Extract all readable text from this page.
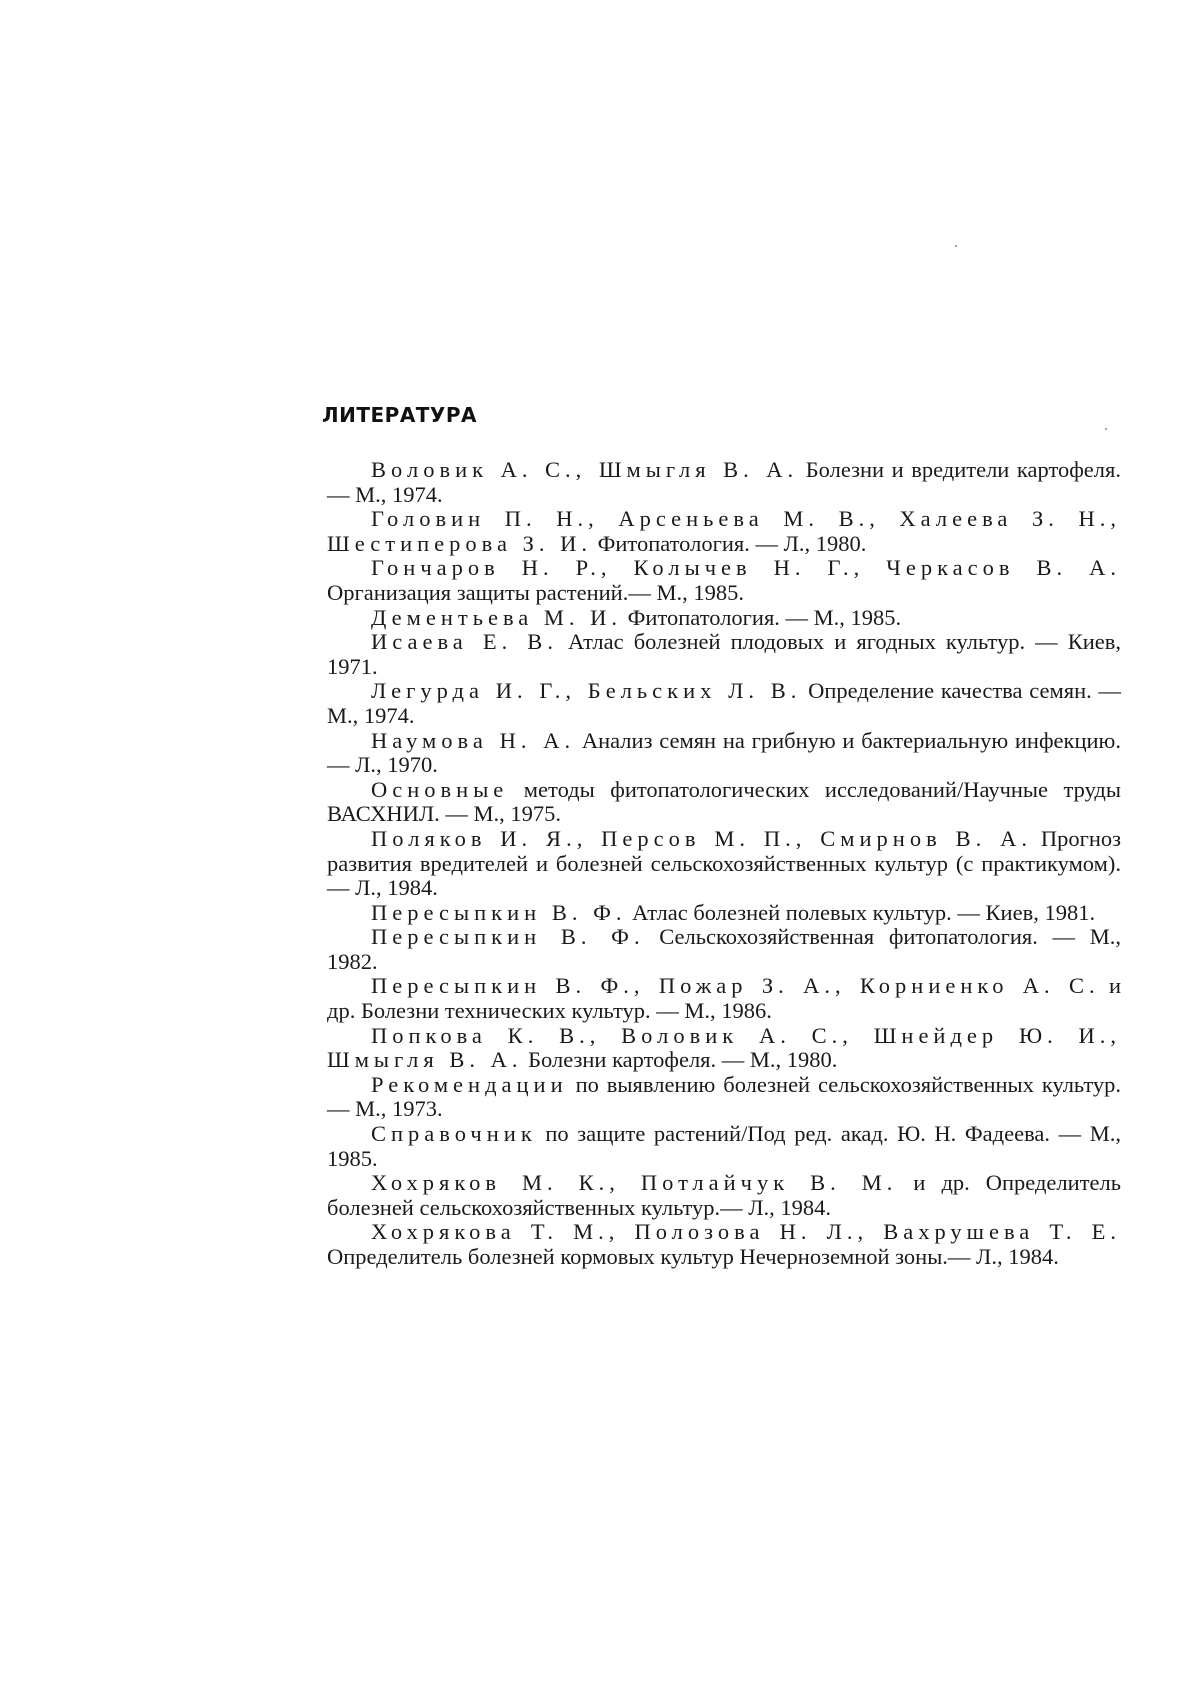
ЛИТЕРАТУРА

Воловик А. С., Шмыгля В. А. Болезни и вредители картофеля. — М., 1974.

Головин П. Н., Арсеньева М. В., Халеева З. Н., Шестиперова З. И. Фитопатология. — Л., 1980.

Гончаров Н. Р., Колычев Н. Г., Черкасов В. А. Организация защиты растений.— М., 1985.

Дементьева М. И. Фитопатология. — М., 1985.

Исаева Е. В. Атлас болезней плодовых и ягодных культур. — Киев, 1971.

Легурда И. Г., Бельских Л. В. Определение качества семян. — М., 1974.

Наумова Н. А. Анализ семян на грибную и бактериальную инфекцию. — Л., 1970.

Основные методы фитопатологических исследований/Научные труды ВАСХНИЛ. — М., 1975.

Поляков И. Я., Персов М. П., Смирнов В. А. Прогноз развития вредителей и болезней сельскохозяйственных культур (с практикумом). — Л., 1984.

Пересыпкин В. Ф. Атлас болезней полевых культур. — Киев, 1981.

Пересыпкин В. Ф. Сельскохозяйственная фитопатология. — М., 1982.

Пересыпкин В. Ф., Пожар З. А., Корниенко А. С. и др. Болезни технических культур. — М., 1986.

Попкова К. В., Воловик А. С., Шнейдер Ю. И., Шмыгля В. А. Болезни картофеля. — М., 1980.

Рекомендации по выявлению болезней сельскохозяйственных культур. — М., 1973.

Справочник по защите растений/Под ред. акад. Ю. Н. Фадеева. — М., 1985.

Хохряков М. К., Потлайчук В. М. и др. Определитель болезней сельскохозяйственных культур.— Л., 1984.

Хохрякова Т. М., Полозова Н. Л., Вахрушева Т. Е. Определитель болезней кормовых культур Нечерноземной зоны.— Л., 1984.
